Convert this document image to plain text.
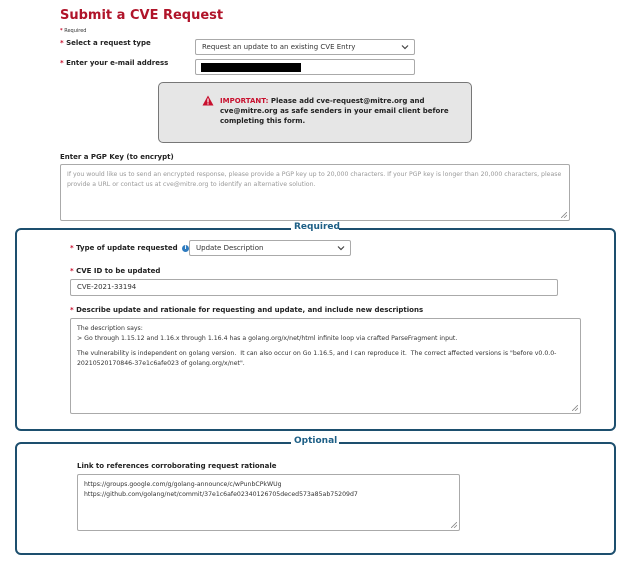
Submit a CVE Request
* Required
* Select a request type	Request an update to an existing CVE Entry
* Enter your e-mail address
IMPORTANT: Please add cve-request@mitre.org and cve@mitre.org as safe senders in your email client before completing this form.
Enter a PGP Key (to encrypt)
If you would like us to send an encrypted response, please provide a PGP key up to 20,000 characters. If your PGP key is longer than 20,000 characters, please provide a URL or contact us at cve@mitre.org to identify an alternative solution.
Required
* Type of update requested i	Update Description
* CVE ID to be updated
CVE-2021-33194
* Describe update and rationale for requesting and update, and include new descriptions
The description says:
> Go through 1.15.12 and 1.16.x through 1.16.4 has a golang.org/x/net/html infinite loop via crafted ParseFragment input.
The vulnerability is independent on golang version.  It can also occur on Go 1.16.5, and I can reproduce it.  The correct affected versions is "before v0.0.0-20210520170846-37e1c6afe023 of golang.org/x/net".
Optional
Link to references corroborating request rationale
https://groups.google.com/g/golang-announce/c/wPunbCPkWUg
https://github.com/golang/net/commit/37e1c6afe02340126705deced573a85ab75209d7
